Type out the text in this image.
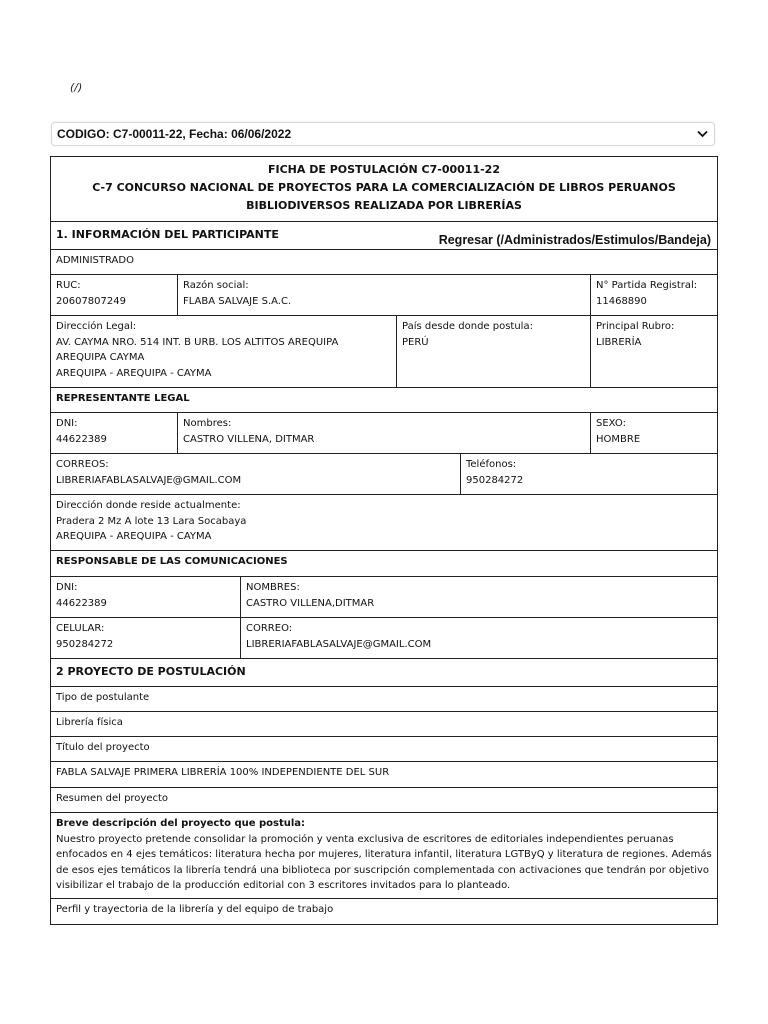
(/)
CODIGO: C7-00011-22, Fecha: 06/06/2022
FICHA DE POSTULACIÓN C7-00011-22
C-7 CONCURSO NACIONAL DE PROYECTOS PARA LA COMERCIALIZACIÓN DE LIBROS PERUANOS BIBLIODIVERSOS REALIZADA POR LIBRERÍAS					

1. INFORMACIÓN DEL PARTICIPANTE Regresar (/Administrados/Estimulos/Bandeja)					

ADMINISTRADO					

RUC:
20607807249	Razón social:
FLABA SALVAJE S.A.C.				N° Partida Registral:
11468890

Dirección Legal:
AV. CAYMA NRO. 514 INT. B URB. LOS ALTITOS AREQUIPA AREQUIPA CAYMA
AREQUIPA - AREQUIPA - CAYMA			País desde donde postula:
PERÚ		Principal Rubro:
LIBRERÍA

REPRESENTANTE LEGAL					

DNI:
44622389	Nombres:
CASTRO VILLENA, DITMAR				SEXO:
HOMBRE

CORREOS:
LIBRERIAFABLASALVAJE@GMAIL.COM				Teléfonos:
950284272	

Dirección donde reside actualmente:
Pradera 2 Mz A lote 13 Lara Socabaya
AREQUIPA - AREQUIPA - CAYMA					

RESPONSABLE DE LAS COMUNICACIONES					

DNI:
44622389		NOMBRES:
CASTRO VILLENA,DITMAR			

CELULAR:
950284272		CORREO:
LIBRERIAFABLASALVAJE@GMAIL.COM			

2 PROYECTO DE POSTULACIÓN					
Tipo de postulante					
Librería física					
Título del proyecto					
FABLA SALVAJE PRIMERA LIBRERÍA 100% INDEPENDIENTE DEL SUR					
Resumen del proyecto					

Breve descripción del proyecto que postula:
Nuestro proyecto pretende consolidar la promoción y venta exclusiva de escritores de editoriales independientes peruanas enfocados en 4 ejes temáticos: literatura hecha por mujeres, literatura infantil, literatura LGTByQ y literatura de regiones. Además de esos ejes temáticos la librería tendrá una biblioteca por suscripción complementada con activaciones que tendrán por objetivo visibilizar el trabajo de la producción editorial con 3 escritores invitados para lo planteado.					

Perfil y trayectoria de la librería y del equipo de trabajo					
